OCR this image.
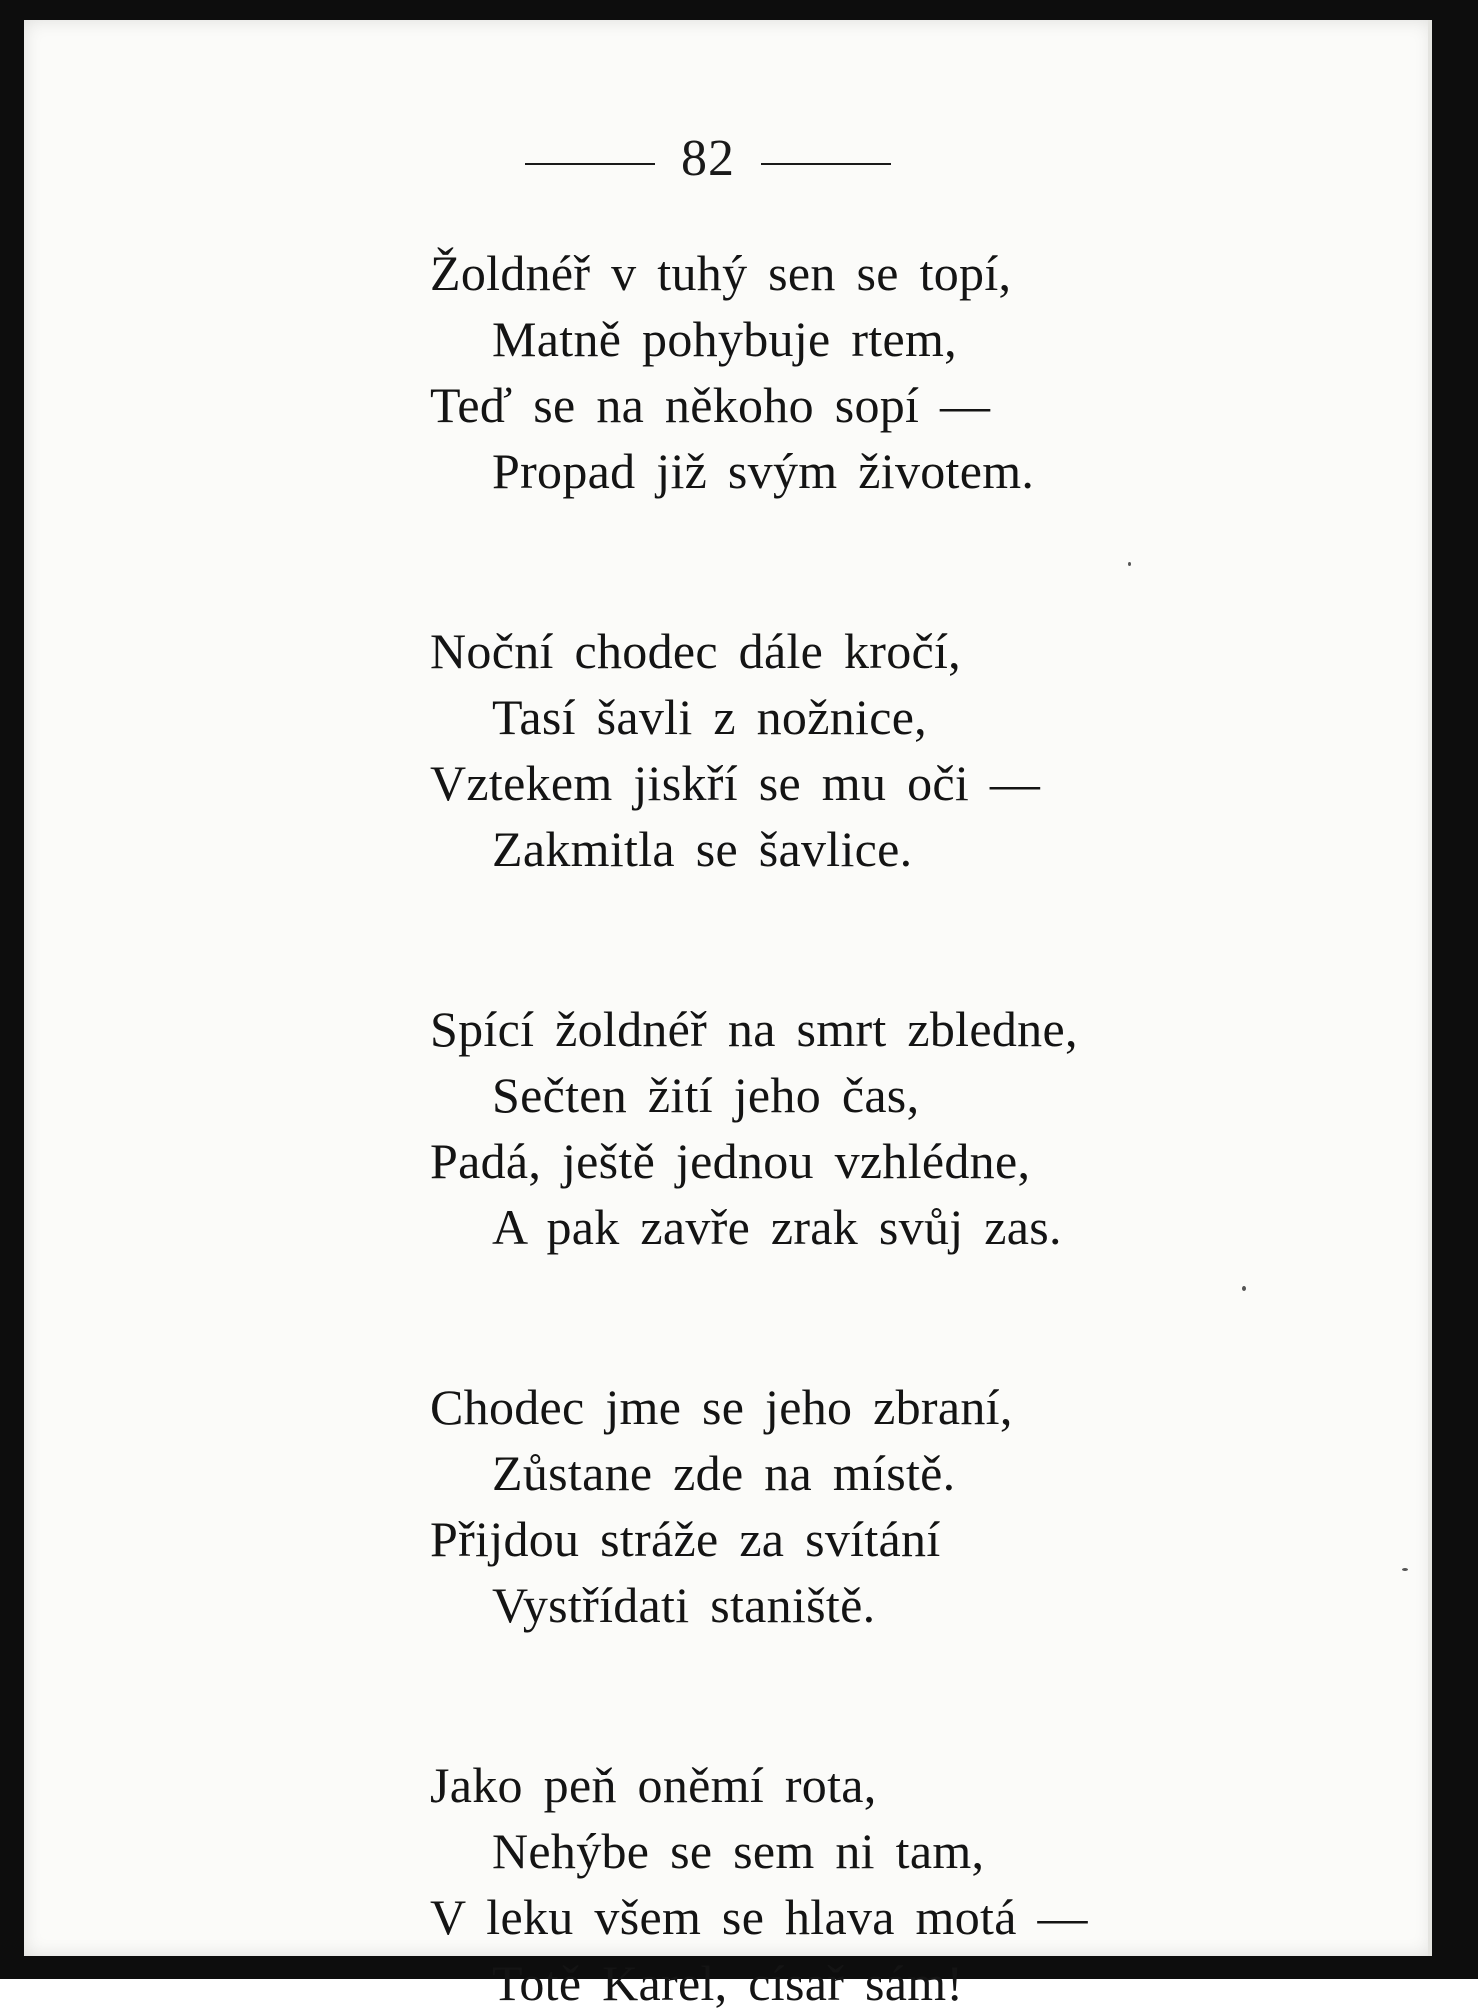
82
Žoldnéř v tuhý sen se topí,
Matně pohybuje rtem,
Teď se na někoho sopí —
Propad již svým životem.
Noční chodec dále kročí,
Tasí šavli z nožnice,
Vztekem jiskří se mu oči —
Zakmitla se šavlice.
Spící žoldnéř na smrt zbledne,
Sečten žití jeho čas,
Padá, ještě jednou vzhlédne,
A pak zavře zrak svůj zas.
Chodec jme se jeho zbraní,
Zůstane zde na místě.
Přijdou stráže za svítání
Vystřídati staniště.
Jako peň oněmí rota,
Nehýbe se sem ni tam,
V leku všem se hlava motá —
Totě Karel, císař sám!
